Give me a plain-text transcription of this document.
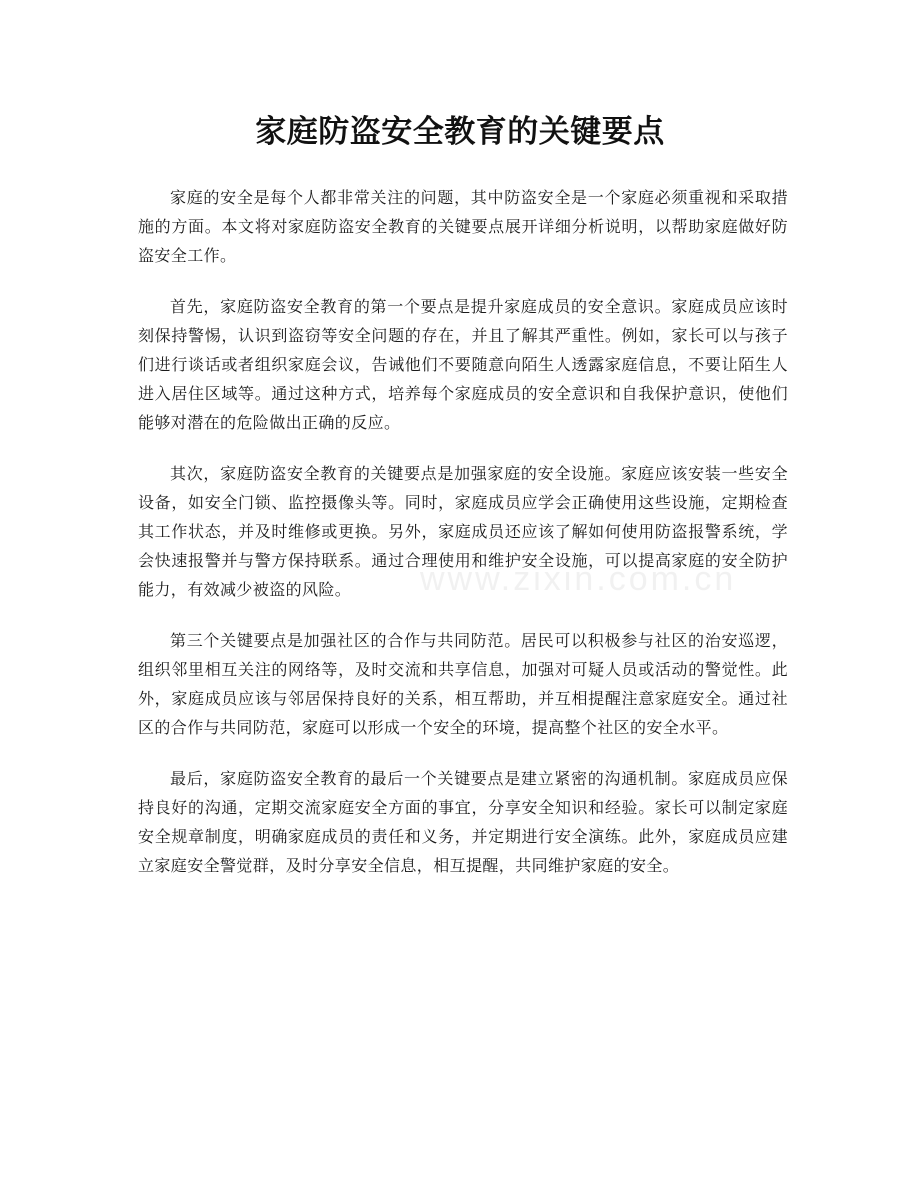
家庭防盗安全教育的关键要点
www.zixin.com.cn

家庭的安全是每个人都非常关注的问题，其中防盗安全是一个家庭必须重视和采取措施的方面。本文将对家庭防盗安全教育的关键要点展开详细分析说明，以帮助家庭做好防盗安全工作。

首先，家庭防盗安全教育的第一个要点是提升家庭成员的安全意识。家庭成员应该时刻保持警惕，认识到盗窃等安全问题的存在，并且了解其严重性。例如，家长可以与孩子们进行谈话或者组织家庭会议，告诫他们不要随意向陌生人透露家庭信息，不要让陌生人进入居住区域等。通过这种方式，培养每个家庭成员的安全意识和自我保护意识，使他们能够对潜在的危险做出正确的反应。

其次，家庭防盗安全教育的关键要点是加强家庭的安全设施。家庭应该安装一些安全设备，如安全门锁、监控摄像头等。同时，家庭成员应学会正确使用这些设施，定期检查其工作状态，并及时维修或更换。另外，家庭成员还应该了解如何使用防盗报警系统，学会快速报警并与警方保持联系。通过合理使用和维护安全设施，可以提高家庭的安全防护能力，有效减少被盗的风险。

第三个关键要点是加强社区的合作与共同防范。居民可以积极参与社区的治安巡逻，组织邻里相互关注的网络等，及时交流和共享信息，加强对可疑人员或活动的警觉性。此外，家庭成员应该与邻居保持良好的关系，相互帮助，并互相提醒注意家庭安全。通过社区的合作与共同防范，家庭可以形成一个安全的环境，提高整个社区的安全水平。

最后，家庭防盗安全教育的最后一个关键要点是建立紧密的沟通机制。家庭成员应保持良好的沟通，定期交流家庭安全方面的事宜，分享安全知识和经验。家长可以制定家庭安全规章制度，明确家庭成员的责任和义务，并定期进行安全演练。此外，家庭成员应建立家庭安全警觉群，及时分享安全信息，相互提醒，共同维护家庭的安全。
